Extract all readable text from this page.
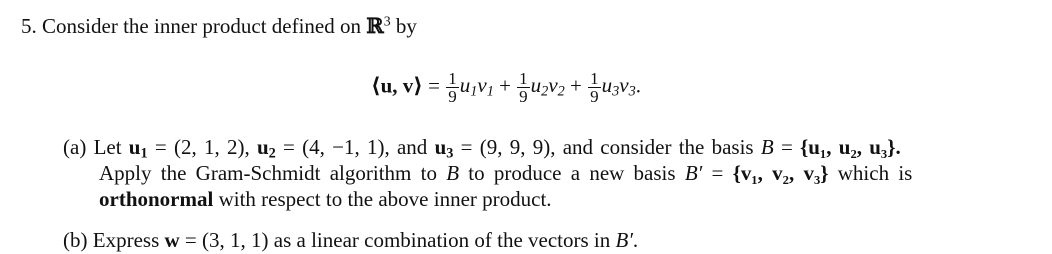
5. Consider the inner product defined on ℝ$^3$ by
⟨u, v⟩ = $\frac{1}{9} u_1v_1 + \frac{1}{9} u_2v_2 + \frac{1}{9} u_3v_3$.
(a) Let $u_1 = (2$, 1, 2), $u_2 = (4$, −1, 1), and $u_3 = (9$, 9, 9), and consider the basis B = {u₁, u₂, u₃}.
Apply the Gram-Schmidt algorithm to B to produce a new basis B′ = {v₁, v₂, v₃} which is
orthonormal with respect to the above inner product.
(b) Express w = (3, 1, 1) as a linear combination of the vectors in B′.
